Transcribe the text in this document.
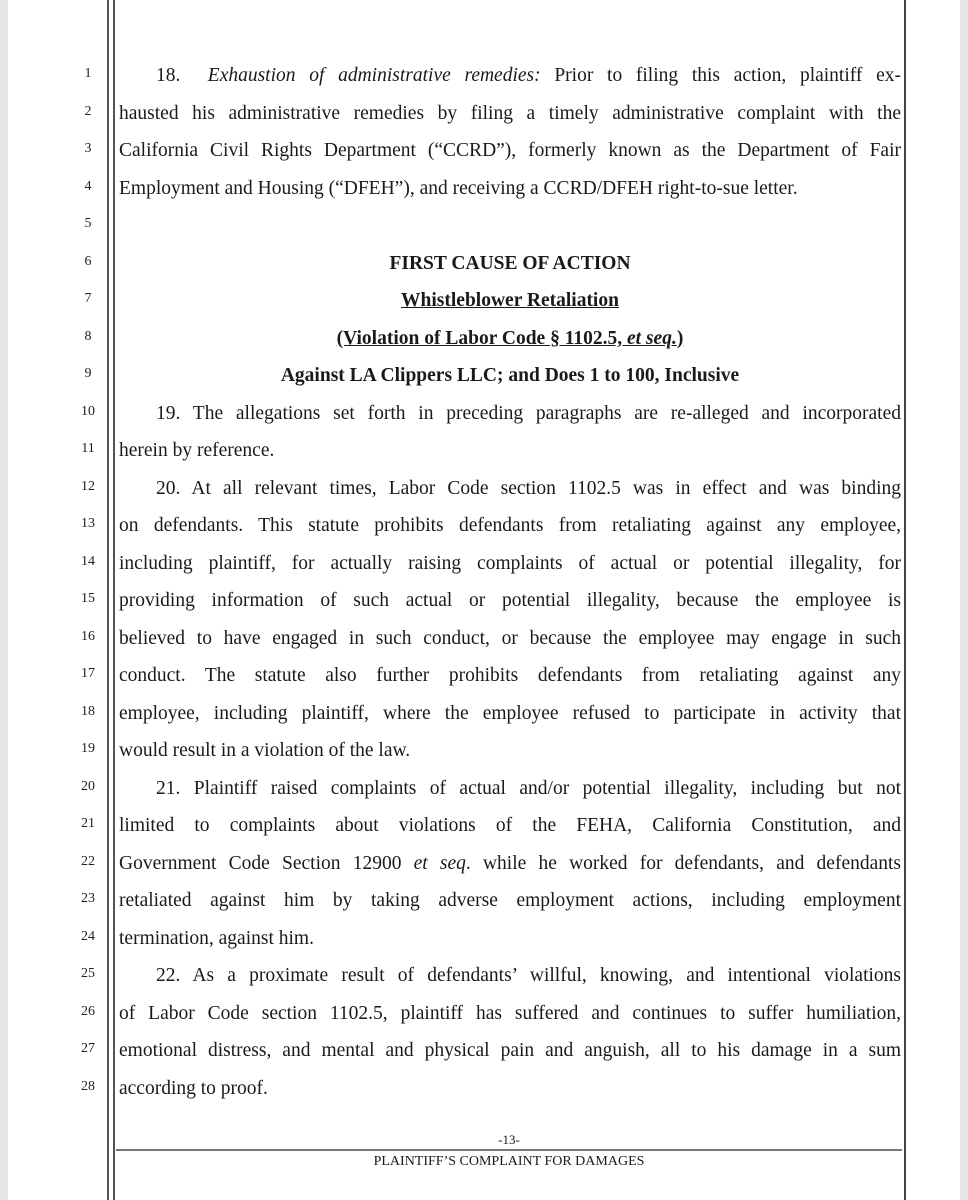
1
2
3
4
5
6
7
8
9
10
11
12
13
14
15
16
17
18
19
20
21
22
23
24
25
26
27
28
18. Exhaustion of administrative remedies: Prior to filing this action, plaintiff ex-
hausted his administrative remedies by filing a timely administrative complaint with the
California Civil Rights Department (“CCRD”), formerly known as the Department of Fair
Employment and Housing (“DFEH”), and receiving a CCRD/DFEH right-to-sue letter.
FIRST CAUSE OF ACTION
Whistleblower Retaliation
(Violation of Labor Code § 1102.5, et seq.)
Against LA Clippers LLC; and Does 1 to 100, Inclusive
19. The allegations set forth in preceding paragraphs are re-alleged and incorporated
herein by reference.
20. At all relevant times, Labor Code section 1102.5 was in effect and was binding
on defendants. This statute prohibits defendants from retaliating against any employee,
including plaintiff, for actually raising complaints of actual or potential illegality, for
providing information of such actual or potential illegality, because the employee is
believed to have engaged in such conduct, or because the employee may engage in such
conduct. The statute also further prohibits defendants from retaliating against any
employee, including plaintiff, where the employee refused to participate in activity that
would result in a violation of the law.
21. Plaintiff raised complaints of actual and/or potential illegality, including but not
limited to complaints about violations of the FEHA, California Constitution, and
Government Code Section 12900 et seq. while he worked for defendants, and defendants
retaliated against him by taking adverse employment actions, including employment
termination, against him.
22. As a proximate result of defendants’ willful, knowing, and intentional violations
of Labor Code section 1102.5, plaintiff has suffered and continues to suffer humiliation,
emotional distress, and mental and physical pain and anguish, all to his damage in a sum
according to proof.
-13-
PLAINTIFF’S COMPLAINT FOR DAMAGES
